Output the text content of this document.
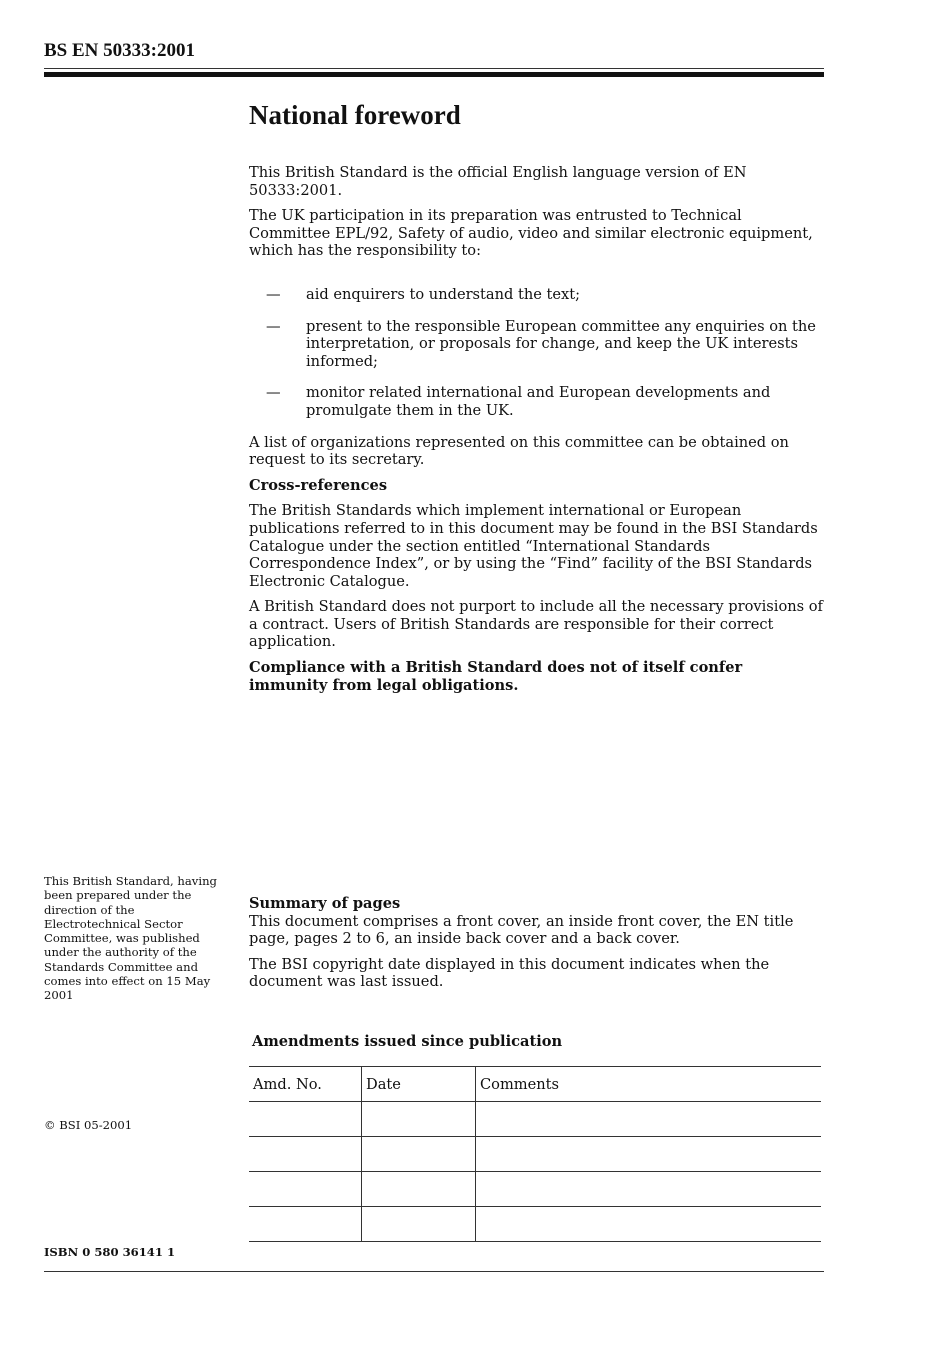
BS EN 50333:2001
National foreword

This British Standard is the official English language version of EN 50333:2001.

The UK participation in its preparation was entrusted to Technical Committee EPL/92, Safety of audio, video and similar electronic equipment, which has the responsibility to:

— aid enquirers to understand the text;
— present to the responsible European committee any enquiries on the interpretation, or proposals for change, and keep the UK interests informed;
— monitor related international and European developments and promulgate them in the UK.

A list of organizations represented on this committee can be obtained on request to its secretary.

Cross-references

The British Standards which implement international or European publications referred to in this document may be found in the BSI Standards Catalogue under the section entitled “International Standards Correspondence Index”, or by using the “Find” facility of the BSI Standards Electronic Catalogue.

A British Standard does not purport to include all the necessary provisions of a contract. Users of British Standards are responsible for their correct application.

Compliance with a British Standard does not of itself confer immunity from legal obligations.

This British Standard, having been prepared under the direction of the Electrotechnical Sector Committee, was published under the authority of the Standards Committee and comes into effect on 15 May 2001

Summary of pages

This document comprises a front cover, an inside front cover, the EN title page, pages 2 to 6, an inside back cover and a back cover.

The BSI copyright date displayed in this document indicates when the document was last issued.

Amendments issued since publication
Amd. No.	Date	Comments

© BSI 05-2001
ISBN 0 580 36141 1
